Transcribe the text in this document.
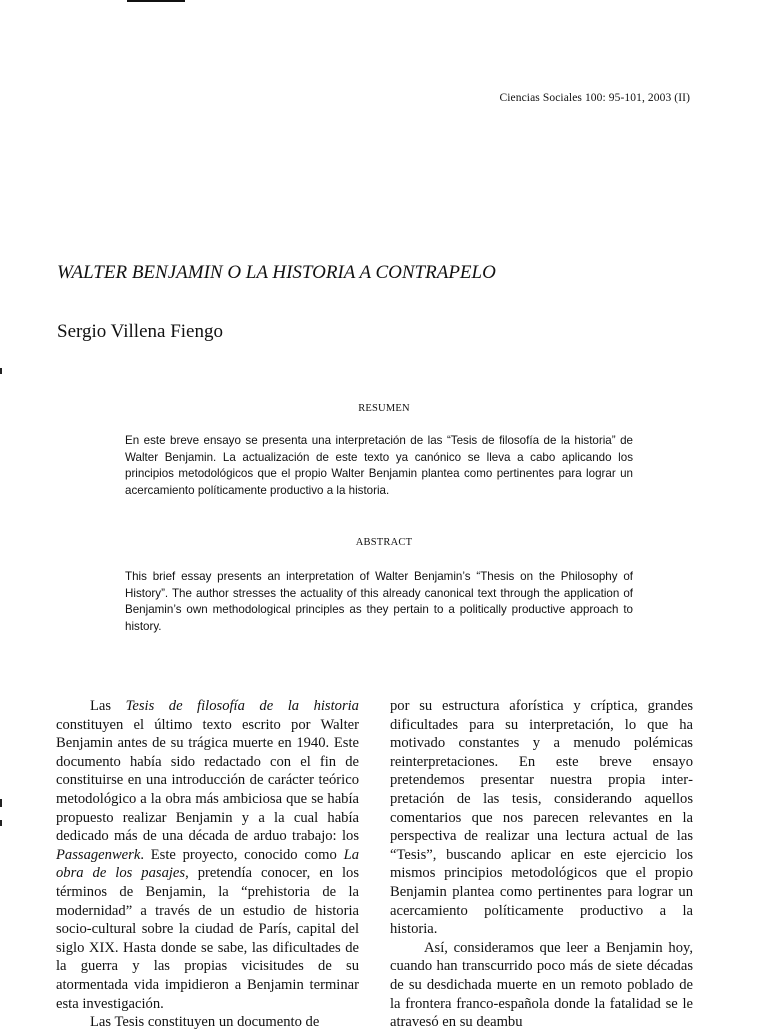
Ciencias Sociales 100: 95-101, 2003 (II)
WALTER BENJAMIN O LA HISTORIA A CONTRAPELO
Sergio Villena Fiengo
RESUMEN

En este breve ensayo se presenta una interpretación de las “Tesis de filosofía de la historia” de Walter Benjamin. La actualización de este texto ya canónico se lleva a cabo aplicando los principios metodológicos que el propio Walter Benjamin plantea como pertinentes para lograr un acercamiento políticamente productivo a la historia.

ABSTRACT

This brief essay presents an interpretation of Walter Benjamin’s “Thesis on the Philosophy of History”. The author stresses the actuality of this already canonical text through the application of Benjamin’s own methodological principles as they pertain to a politically productive approach to history.

Las Tesis de filosofía de la historia constituyen el último texto escrito por Walter Benjamin antes de su trágica muerte en 1940. Este documento había sido redactado con el fin de constituirse en una introducción de carácter teórico metodológico a la obra más ambiciosa que se había propuesto realizar Benjamin y a la cual había dedicado más de una década de arduo trabajo: los Passagenwerk. Este proyecto, conocido como La obra de los pasajes, pretendía conocer, en los términos de Benjamin, la “prehistoria de la modernidad” a través de un estudio de historia socio-cultural sobre la ciudad de París, capital del siglo XIX. Hasta donde se sabe, las dificultades de la guerra y las propias vicisitudes de su atormentada vida impidieron a Benjamin terminar esta investigación.

Las Tesis constituyen un documento de

por su estructura aforística y críptica, grandes dificultades para su interpretación, lo que ha motivado constantes y a menudo polémicas reinterpretaciones. En este breve ensayo pretendemos presentar nuestra propia interpretación de las tesis, considerando aquellos comentarios que nos parecen relevantes en la perspectiva de realizar una lectura actual de las “Tesis”, buscando aplicar en este ejercicio los mismos principios metodológicos que el propio Benjamin plantea como pertinentes para lograr un acercamiento políticamente productivo a la historia.

Así, consideramos que leer a Benjamin hoy, cuando han transcurrido poco más de siete décadas de su desdichada muerte en un remoto poblado de la frontera franco-española donde la fatalidad se le atravesó en su deambu
